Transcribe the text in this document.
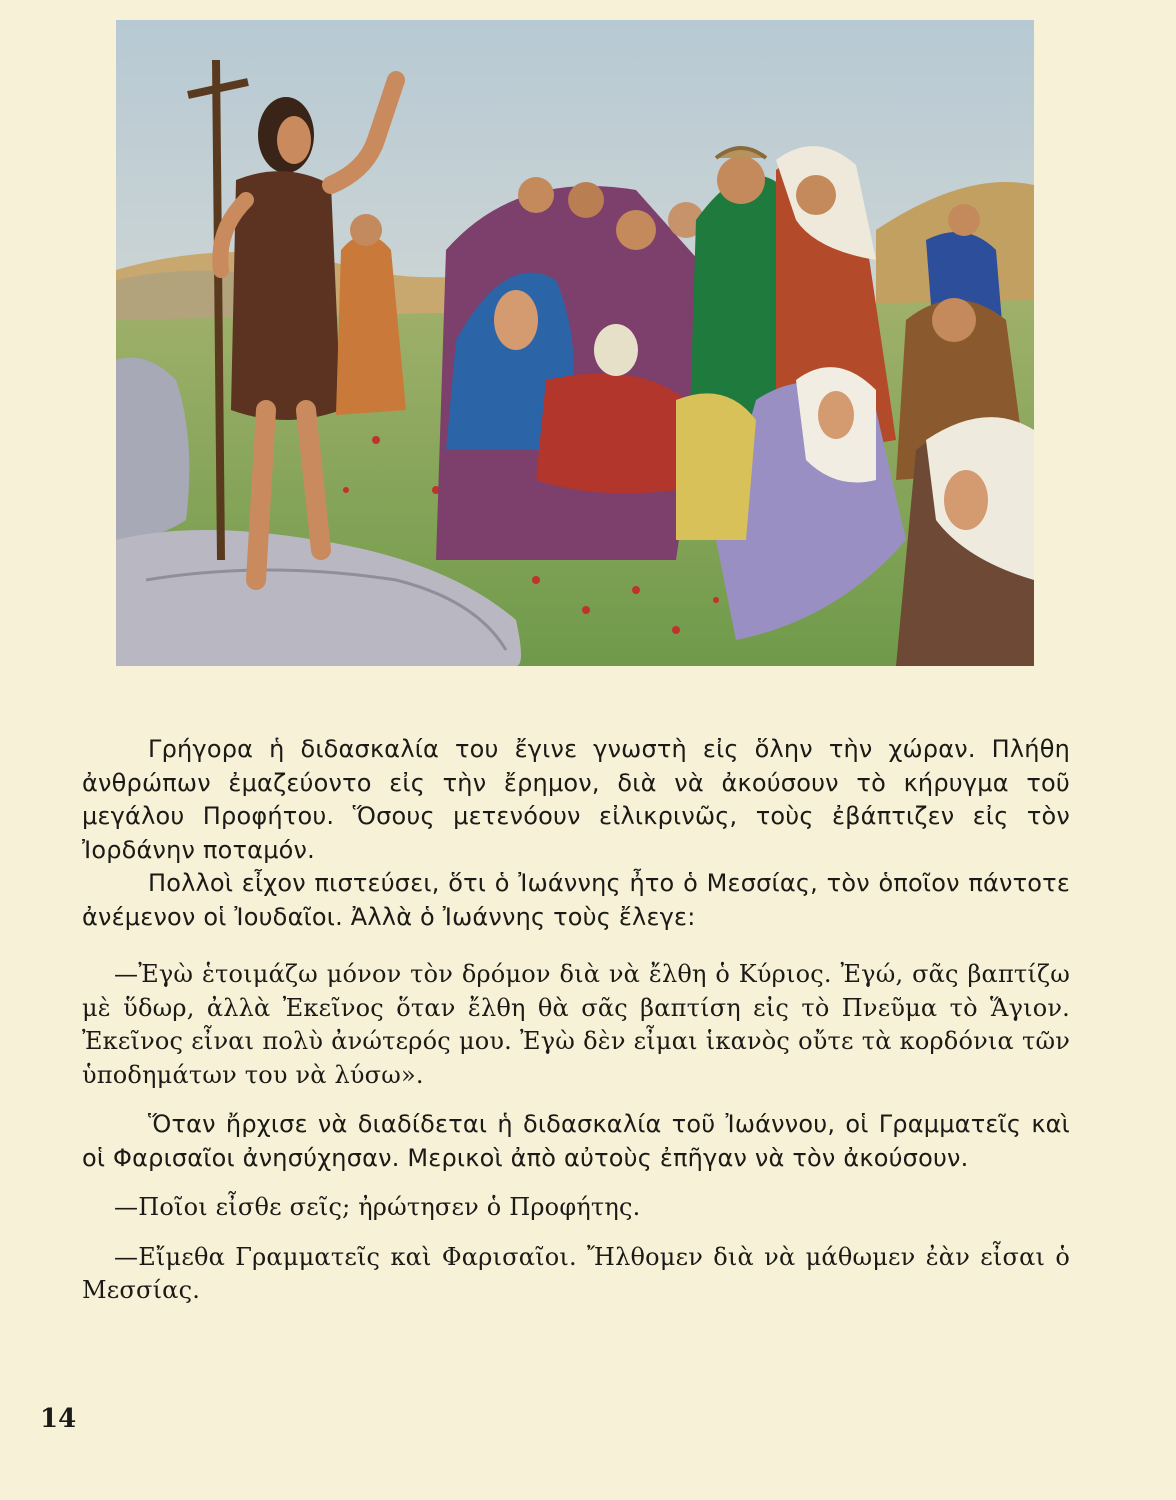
Γρήγορα ἡ διδασκαλία του ἔγινε γνωστὴ εἰς ὅλην τὴν χώραν. Πλήθη ἀνθρώπων ἐμαζεύοντο εἰς τὴν ἔρημον, διὰ νὰ ἀκούσουν τὸ κήρυγμα τοῦ μεγάλου Προφήτου. Ὅσους μετενόουν εἰλικρινῶς, τοὺς ἐβάπτιζεν εἰς τὸν Ἰορδάνην ποταμόν.

Πολλοὶ εἶχον πιστεύσει, ὅτι ὁ Ἰωάννης ἦτο ὁ Μεσσίας, τὸν ὁποῖον πάντοτε ἀνέμενον οἱ Ἰουδαῖοι. Ἀλλὰ ὁ Ἰωάννης τοὺς ἔλεγε:

—Ἐγὼ ἑτοιμάζω μόνον τὸν δρόμον διὰ νὰ ἔλθη ὁ Κύριος. Ἐγώ, σᾶς βαπτίζω μὲ ὕδωρ, ἀλλὰ Ἐκεῖνος ὅταν ἔλθη θὰ σᾶς βαπτίση εἰς τὸ Πνεῦμα τὸ Ἅγιον. Ἐκεῖνος εἶναι πολὺ ἀνώτερός μου. Ἐγὼ δὲν εἶμαι ἱκανὸς οὔτε τὰ κορδόνια τῶν ὑποδημάτων του νὰ λύσω».

Ὅταν ἤρχισε νὰ διαδίδεται ἡ διδασκαλία τοῦ Ἰωάννου, οἱ Γραμματεῖς καὶ οἱ Φαρισαῖοι ἀνησύχησαν. Μερικοὶ ἀπὸ αὐτοὺς ἐπῆγαν νὰ τὸν ἀκούσουν.

—Ποῖοι εἶσθε σεῖς; ἠρώτησεν ὁ Προφήτης.

—Εἴμεθα Γραμματεῖς καὶ Φαρισαῖοι. Ἤλθομεν διὰ νὰ μάθωμεν ἐὰν εἶσαι ὁ Μεσσίας.

14
